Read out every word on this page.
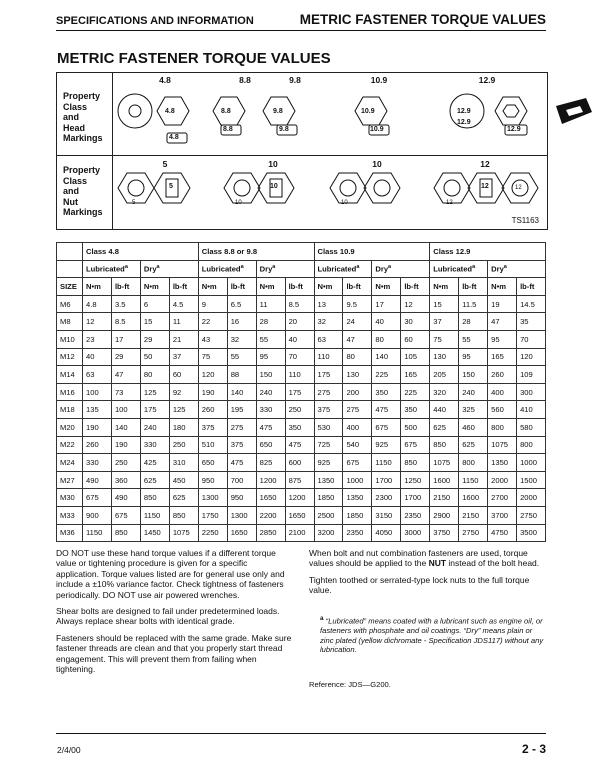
SPECIFICATIONS AND INFORMATION	METRIC FASTENER TORQUE VALUES
METRIC FASTENER TORQUE VALUES
Property
Class
and
Head
Markings
Property
Class
and
Nut
Markings
4.8	8.8	9.8	10.9	12.9
5	10	10	12
4.8
4.8
8.8
8.8
9.8
9.8
10.9
10.9
12.9
12.9
12.9
5
5
10
10
10	12
12	12
TS1163
	Class 4.8				Class 8.8 or 9.8				Class 10.9				Class 12.9			
	Lubricated$^a$		Dry$^a$		Lubricated$^a$		Dry$^a$		Lubricated$^a$		Dry$^a$		Lubricated$^a$		Dry$^a$
SIZE	N•m	lb-ft	N•m	lb-ft	N•m	lb-ft	N•m	lb-ft	N•m	lb-ft	N•m	lb-ft	N•m	lb-ft	N•m	lb-ft
M6	4.8	3.5	6	4.5	9	6.5	11	8.5	13	9.5	17	12	15	11.5	19	14.5
M8	12	8.5	15	11	22	16	28	20	32	24	40	30	37	28	47	35
M10	23	17	29	21	43	32	55	40	63	47	80	60	75	55	95	70
M12	40	29	50	37	75	55	95	70	110	80	140	105	130	95	165	120
M14	63	47	80	60	120	88	150	110	175	130	225	165	205	150	260	109
M16	100	73	125	92	190	140	240	175	275	200	350	225	320	240	400	300
M18	135	100	175	125	260	195	330	250	375	275	475	350	440	325	560	410
M20	190	140	240	180	375	275	475	350	530	400	675	500	625	460	800	580
M22	260	190	330	250	510	375	650	475	725	540	925	675	850	625	1075	800
M24	330	250	425	310	650	475	825	600	925	675	1150	850	1075	800	1350	1000
M27	490	360	625	450	950	700	1200	875	1350	1000	1700	1250	1600	1150	2000	1500
M30	675	490	850	625	1300	950	1650	1200	1850	1350	2300	1700	2150	1600	2700	2000
M33	900	675	1150	850	1750	1300	2200	1650	2500	1850	3150	2350	2900	2150	3700	2750
M36	1150	850	1450	1075	2250	1650	2850	2100	3200	2350	4050	3000	3750	2750	4750	3500

DO NOT use these hand torque values if a different torque value or tightening procedure is given for a specific application. Torque values listed are for general use only and include a ±10% variance factor. Check tightness of fasteners periodically. DO NOT use air powered wrenches.

Shear bolts are designed to fail under predetermined loads. Always replace shear bolts with identical grade.

Fasteners should be replaced with the same grade. Make sure fastener threads are clean and that you properly start thread engagement. This will prevent them from failing when tightening.

When bolt and nut combination fasteners are used, torque values should be applied to the NUT instead of the bolt head.

Tighten toothed or serrated-type lock nuts to the full torque value.

$^a$ “Lubricated” means coated with a lubricant such as engine oil, or fasteners with phosphate and oil coatings. “Dry” means plain or zinc plated (yellow dichromate - Specification JDS117) without any lubrication.
Reference: JDS—G200.
2/4/00	2 - 3
